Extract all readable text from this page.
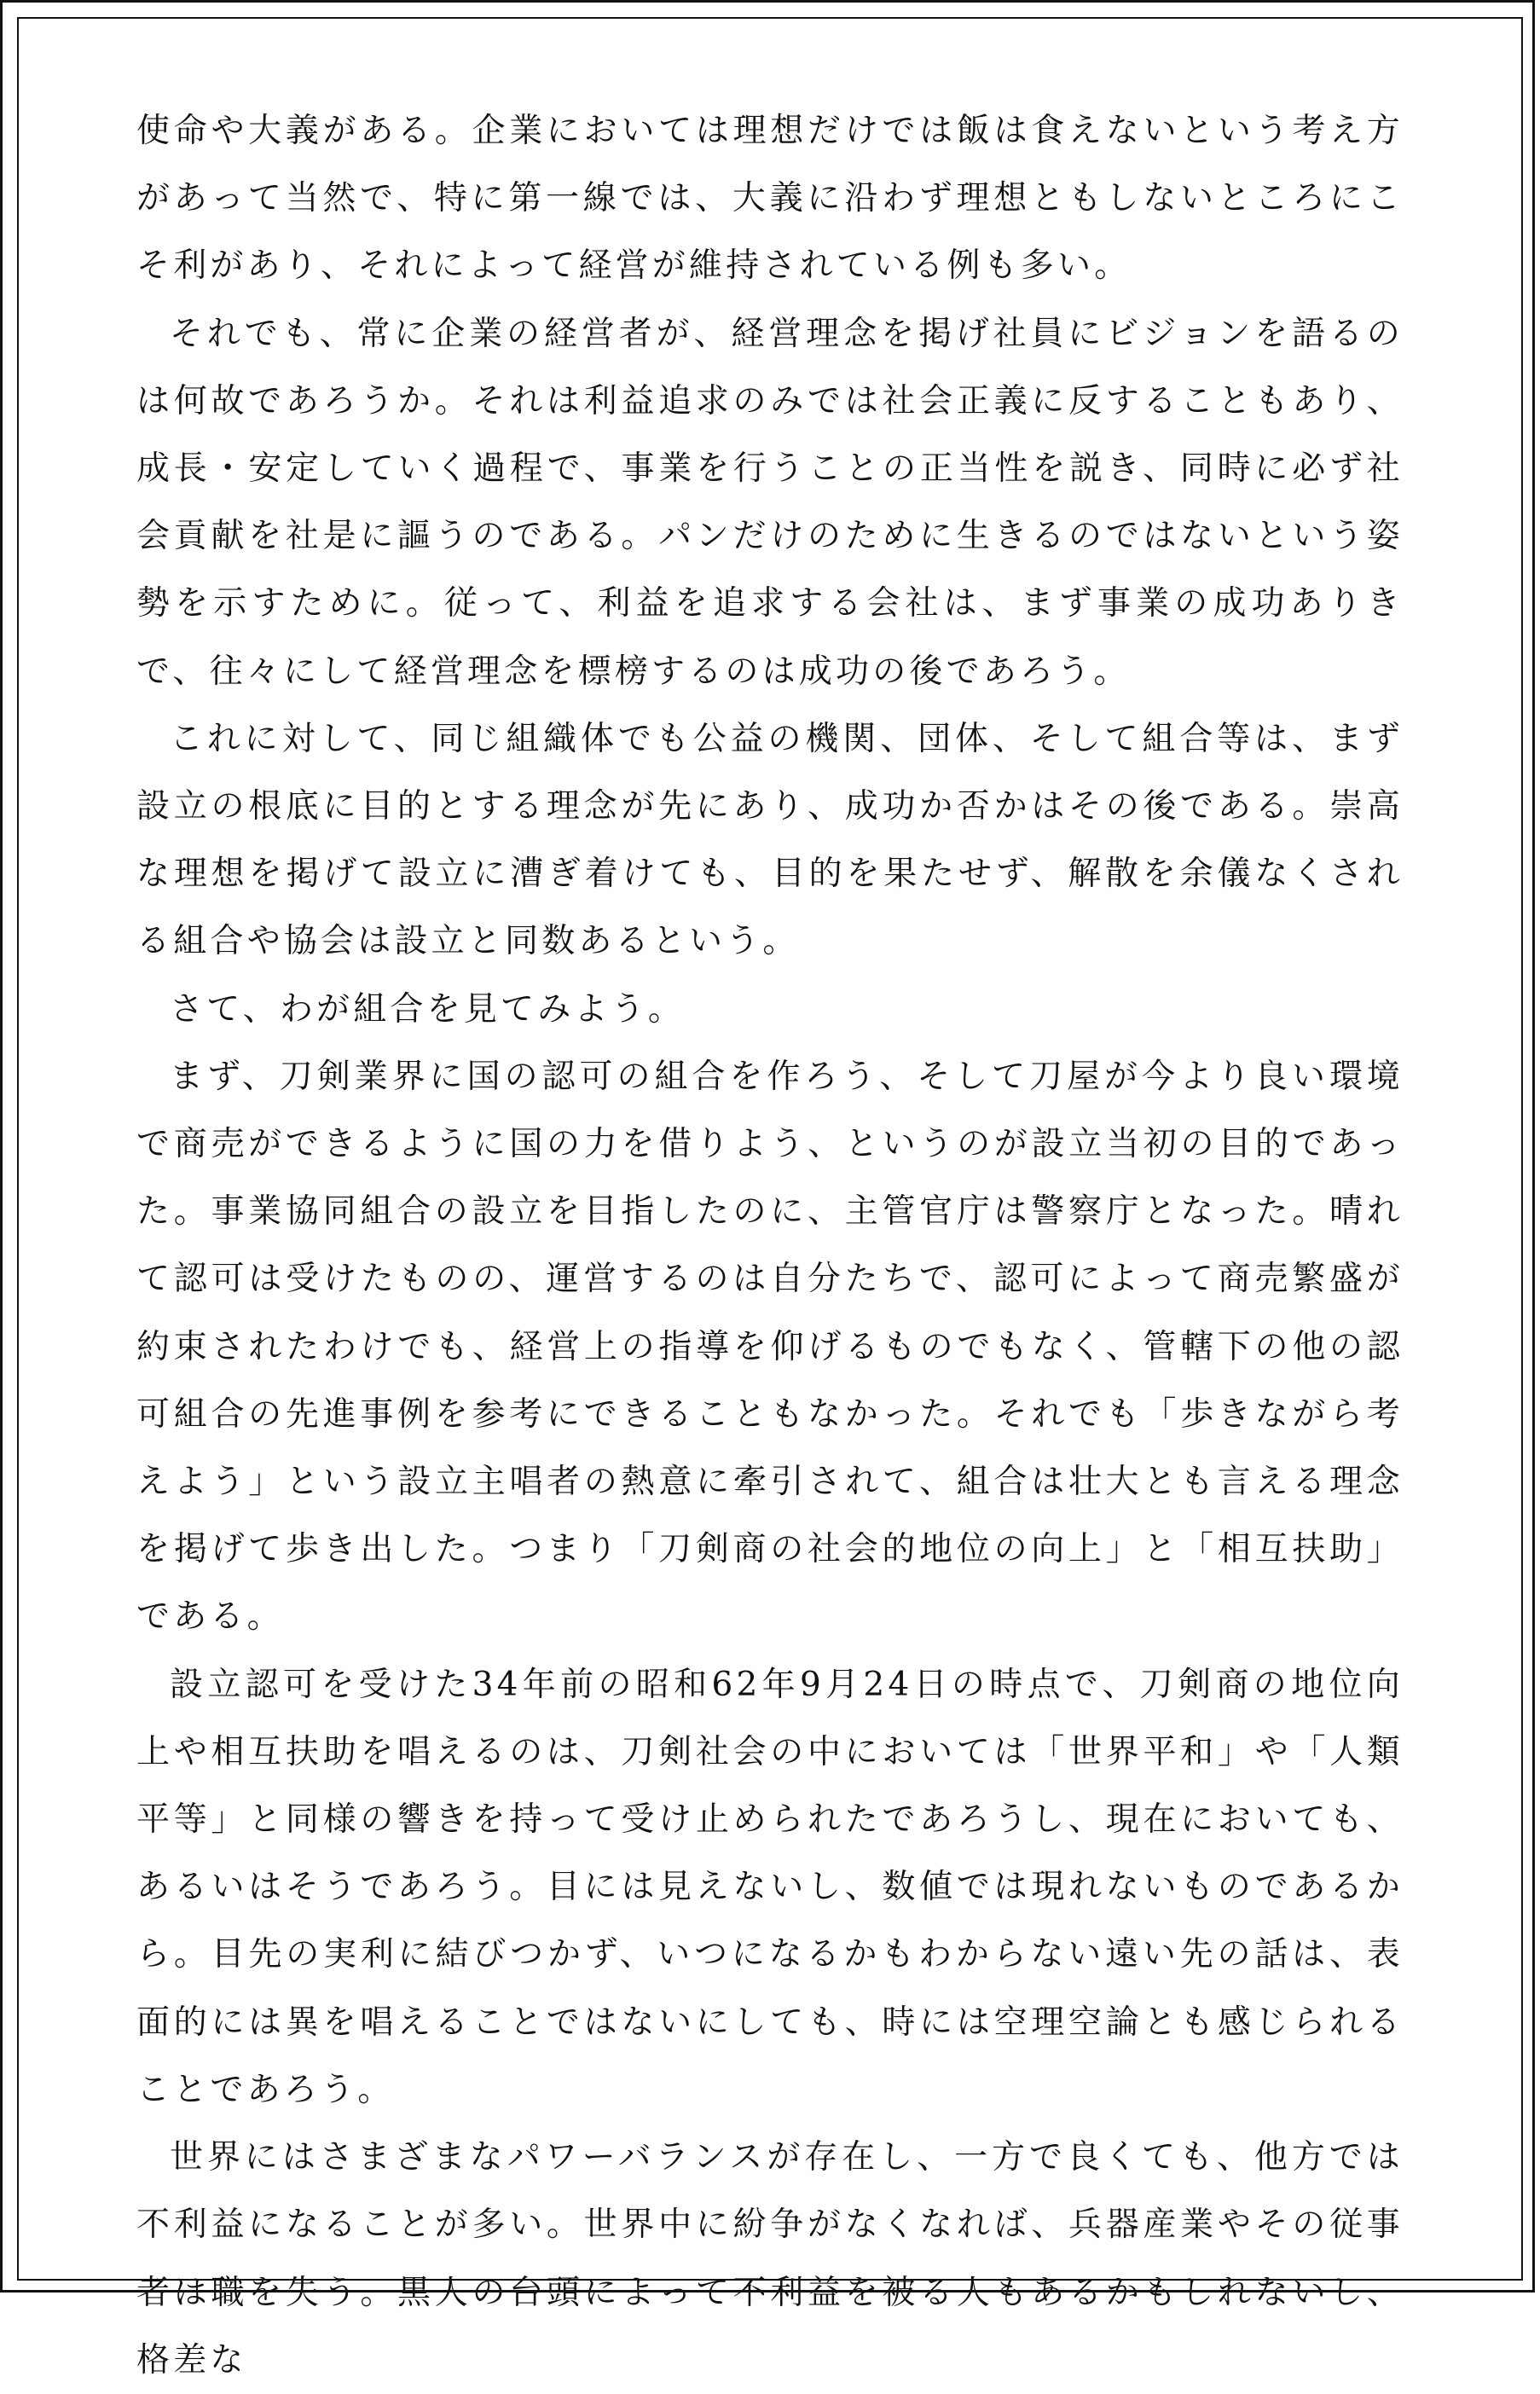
使命や大義がある。企業においては理想だけでは飯は食えないという考え方があって当然で、特に第一線では、大義に沿わず理想ともしないところにこそ利があり、それによって経営が維持されている例も多い。

それでも、常に企業の経営者が、経営理念を掲げ社員にビジョンを語るのは何故であろうか。それは利益追求のみでは社会正義に反することもあり、成長・安定していく過程で、事業を行うことの正当性を説き、同時に必ず社会貢献を社是に謳うのである。パンだけのために生きるのではないという姿勢を示すために。従って、利益を追求する会社は、まず事業の成功ありきで、往々にして経営理念を標榜するのは成功の後であろう。

これに対して、同じ組織体でも公益の機関、団体、そして組合等は、まず設立の根底に目的とする理念が先にあり、成功か否かはその後である。崇高な理想を掲げて設立に漕ぎ着けても、目的を果たせず、解散を余儀なくされる組合や協会は設立と同数あるという。

さて、わが組合を見てみよう。

まず、刀剣業界に国の認可の組合を作ろう、そして刀屋が今より良い環境で商売ができるように国の力を借りよう、というのが設立当初の目的であった。事業協同組合の設立を目指したのに、主管官庁は警察庁となった。晴れて認可は受けたものの、運営するのは自分たちで、認可によって商売繁盛が約束されたわけでも、経営上の指導を仰げるものでもなく、管轄下の他の認可組合の先進事例を参考にできることもなかった。それでも「歩きながら考えよう」という設立主唱者の熱意に牽引されて、組合は壮大とも言える理念を掲げて歩き出した。つまり「刀剣商の社会的地位の向上」と「相互扶助」である。

設立認可を受けた34年前の昭和62年9月24日の時点で、刀剣商の地位向上や相互扶助を唱えるのは、刀剣社会の中においては「世界平和」や「人類平等」と同様の響きを持って受け止められたであろうし、現在においても、あるいはそうであろう。目には見えないし、数値では現れないものであるから。目先の実利に結びつかず、いつになるかもわからない遠い先の話は、表面的には異を唱えることではないにしても、時には空理空論とも感じられることであろう。

世界にはさまざまなパワーバランスが存在し、一方で良くても、他方では不利益になることが多い。世界中に紛争がなくなれば、兵器産業やその従事者は職を失う。黒人の台頭によって不利益を被る人もあるかもしれないし、格差な
